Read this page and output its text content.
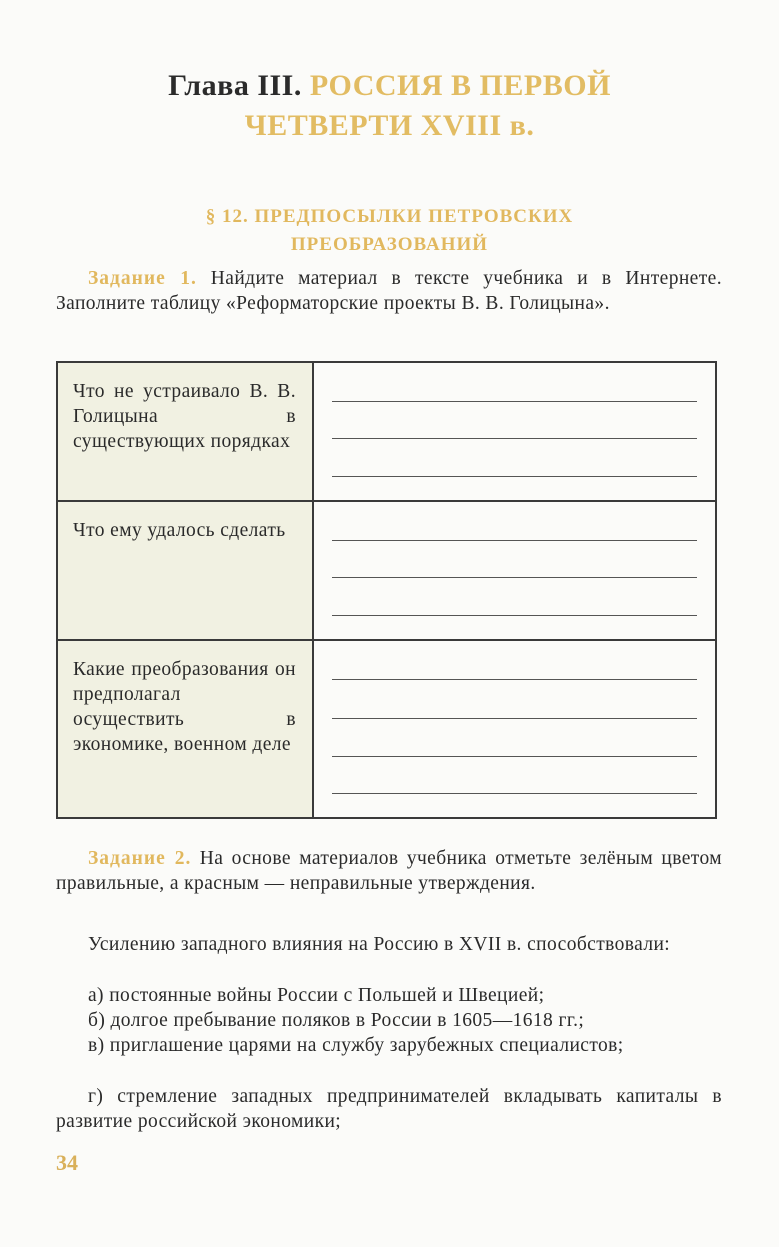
Глава III. РОССИЯ В ПЕРВОЙ
ЧЕТВЕРТИ XVIII в.
§ 12. ПРЕДПОСЫЛКИ ПЕТРОВСКИХ
ПРЕОБРАЗОВАНИЙ
Задание 1. Найдите материал в тексте учебника и в Интернете. Заполните таблицу «Реформаторские проекты В. В. Голицына».
Что не устраивало В. В. Голицына в существующих порядках	

Что ему удалось сделать	

Какие преобразования он предполагал осуществить в экономике, военном деле	
Задание 2. На основе материалов учебника отметьте зелёным цветом правильные, а красным — неправильные утверждения.
Усилению западного влияния на Россию в XVII в. способствовали:
а) постоянные войны России с Польшей и Швецией;
б) долгое пребывание поляков в России в 1605—1618 гг.;
в) приглашение царями на службу зарубежных специалистов;
г) стремление западных предпринимателей вкладывать капиталы в развитие российской экономики;
34
